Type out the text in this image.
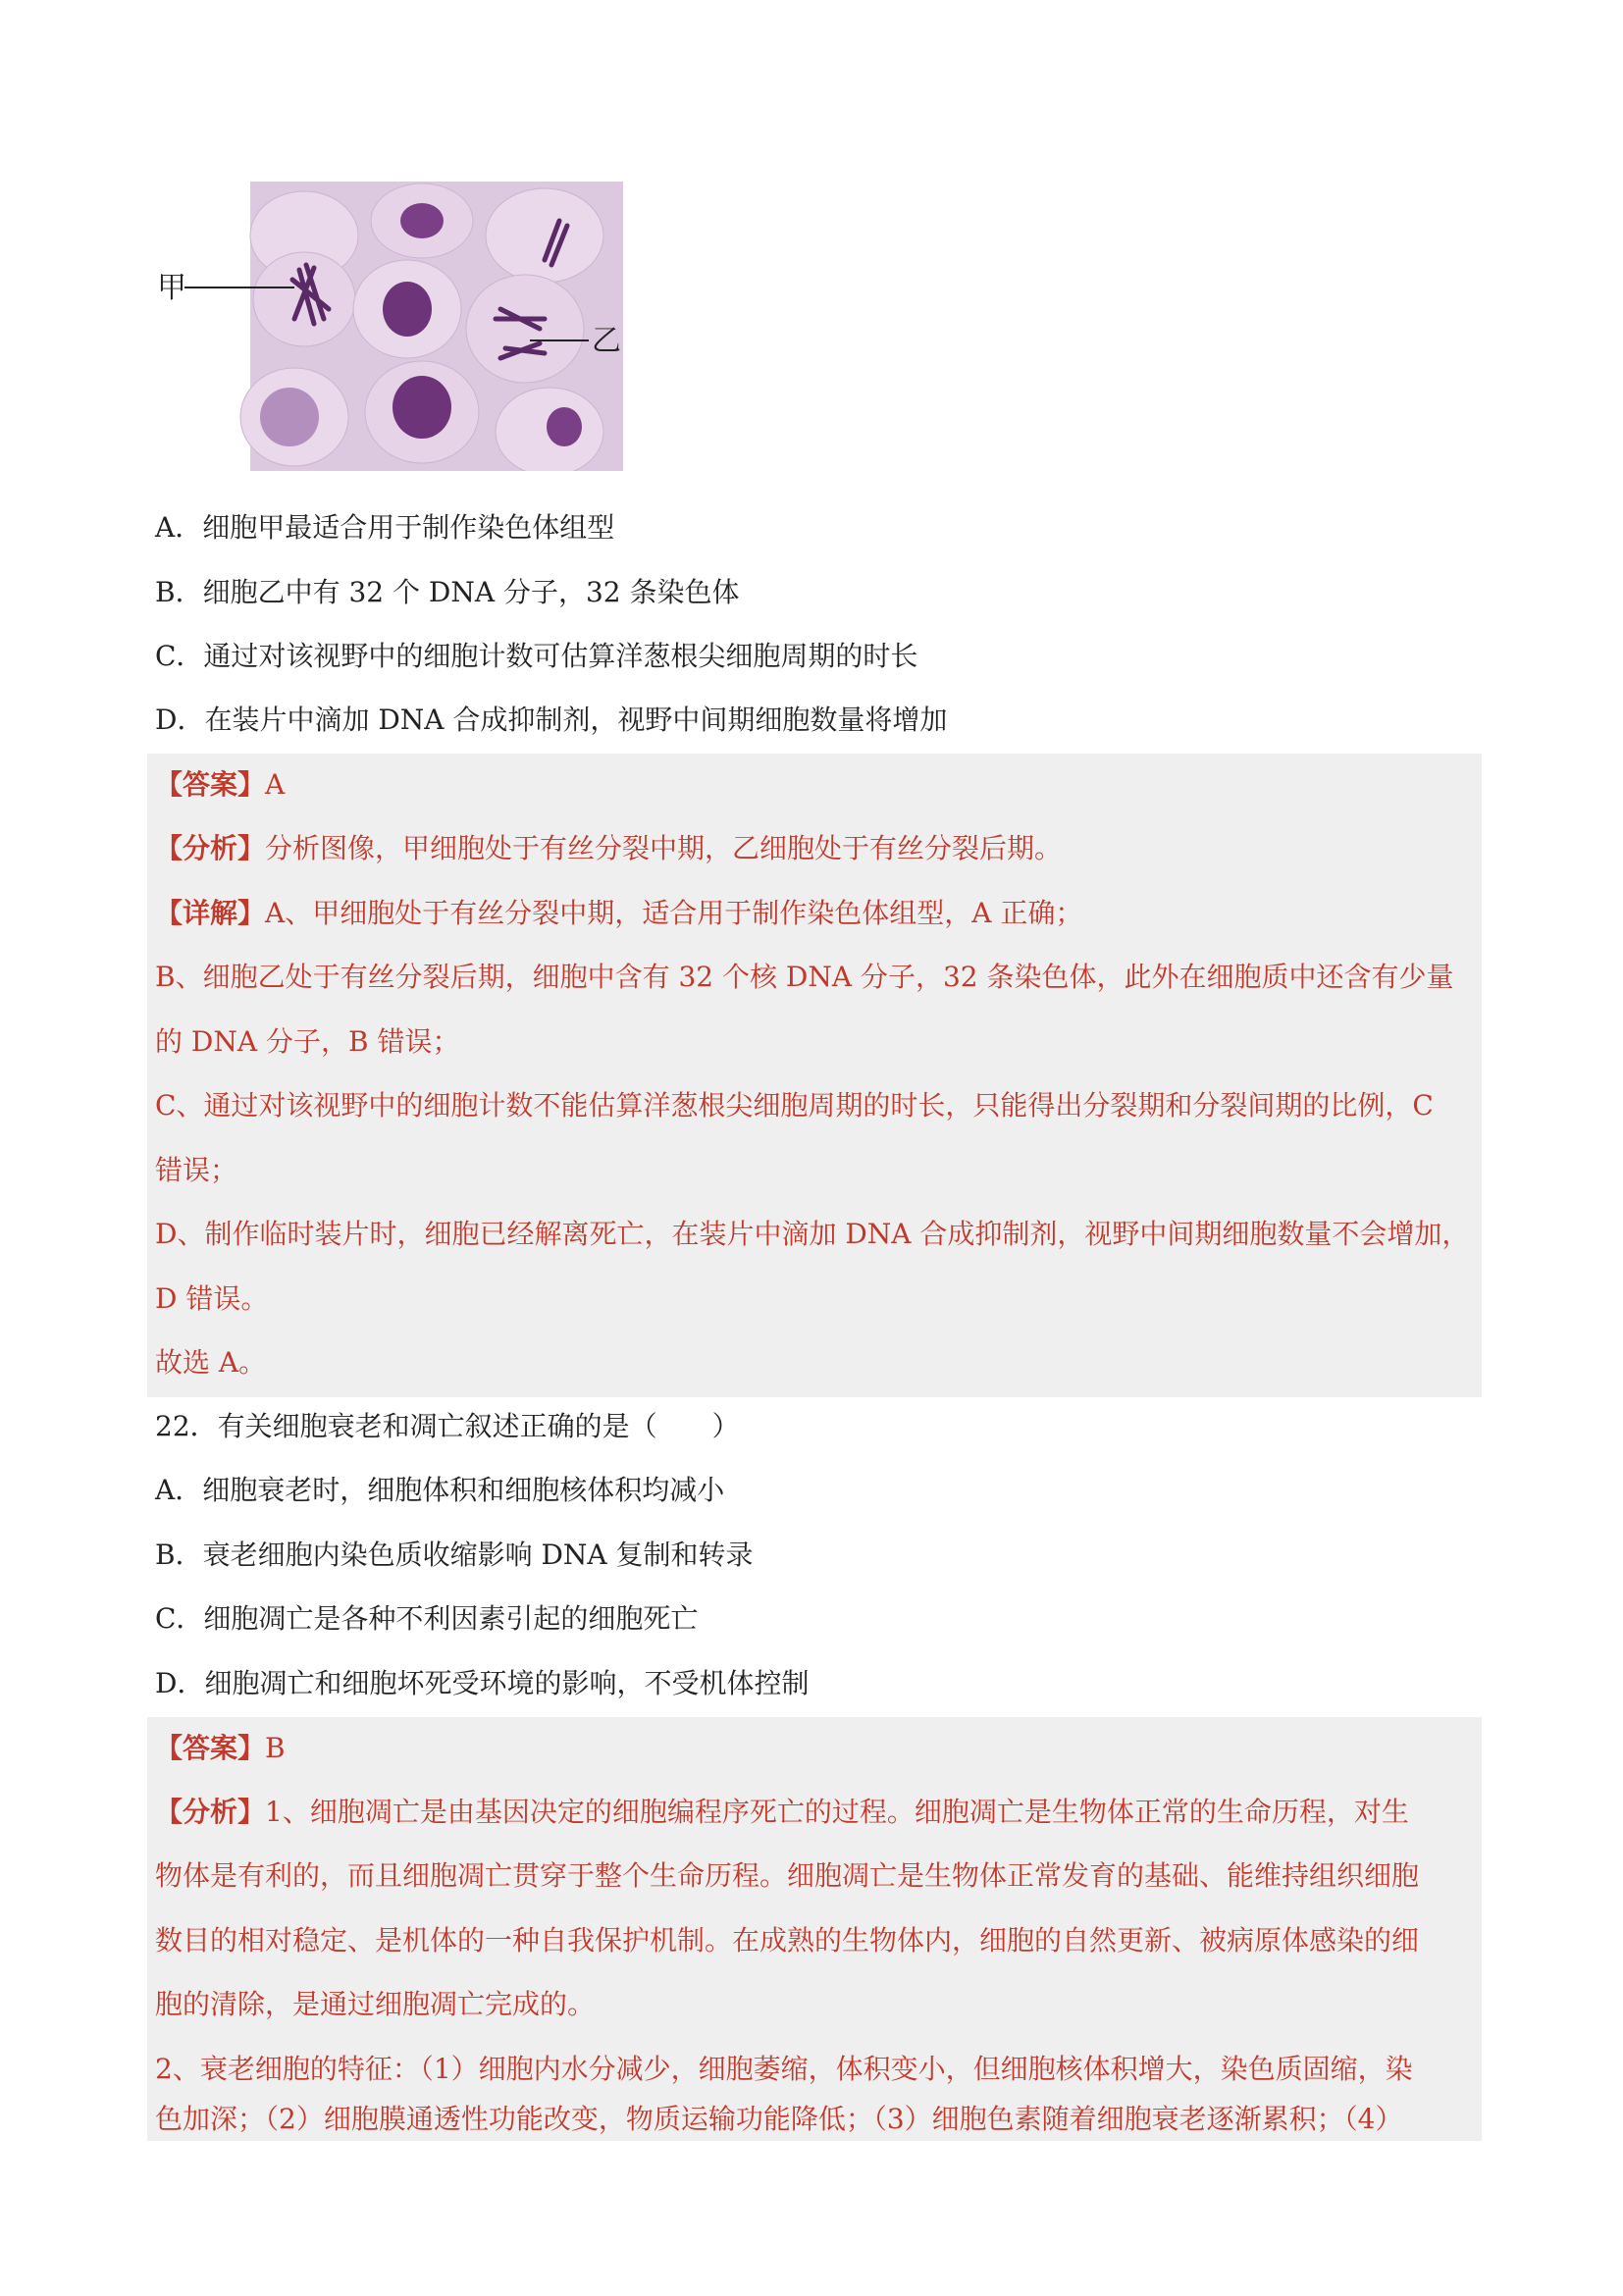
甲
乙
A．细胞甲最适合用于制作染色体组型
B．细胞乙中有 32 个 DNA 分子，32 条染色体
C．通过对该视野中的细胞计数可估算洋葱根尖细胞周期的时长
D．在装片中滴加 DNA 合成抑制剂，视野中间期细胞数量将增加
【答案】A
【分析】分析图像，甲细胞处于有丝分裂中期，乙细胞处于有丝分裂后期。
【详解】A、甲细胞处于有丝分裂中期，适合用于制作染色体组型，A 正确；
B、细胞乙处于有丝分裂后期，细胞中含有 32 个核 DNA 分子，32 条染色体，此外在细胞质中还含有少量
的 DNA 分子，B 错误；
C、通过对该视野中的细胞计数不能估算洋葱根尖细胞周期的时长，只能得出分裂期和分裂间期的比例，C
错误；
D、制作临时装片时，细胞已经解离死亡，在装片中滴加 DNA 合成抑制剂，视野中间期细胞数量不会增加，
D 错误。
故选 A。
22．有关细胞衰老和凋亡叙述正确的是（　　）
A．细胞衰老时，细胞体积和细胞核体积均减小
B．衰老细胞内染色质收缩影响 DNA 复制和转录
C．细胞凋亡是各种不利因素引起的细胞死亡
D．细胞凋亡和细胞坏死受环境的影响，不受机体控制
【答案】B
【分析】1、细胞凋亡是由基因决定的细胞编程序死亡的过程。细胞凋亡是生物体正常的生命历程，对生
物体是有利的，而且细胞凋亡贯穿于整个生命历程。细胞凋亡是生物体正常发育的基础、能维持组织细胞
数目的相对稳定、是机体的一种自我保护机制。在成熟的生物体内，细胞的自然更新、被病原体感染的细
胞的清除，是通过细胞凋亡完成的。
2、衰老细胞的特征：（1）细胞内水分减少，细胞萎缩，体积变小，但细胞核体积增大，染色质固缩，染
色加深；（2）细胞膜通透性功能改变，物质运输功能降低；（3）细胞色素随着细胞衰老逐渐累积；（4）
